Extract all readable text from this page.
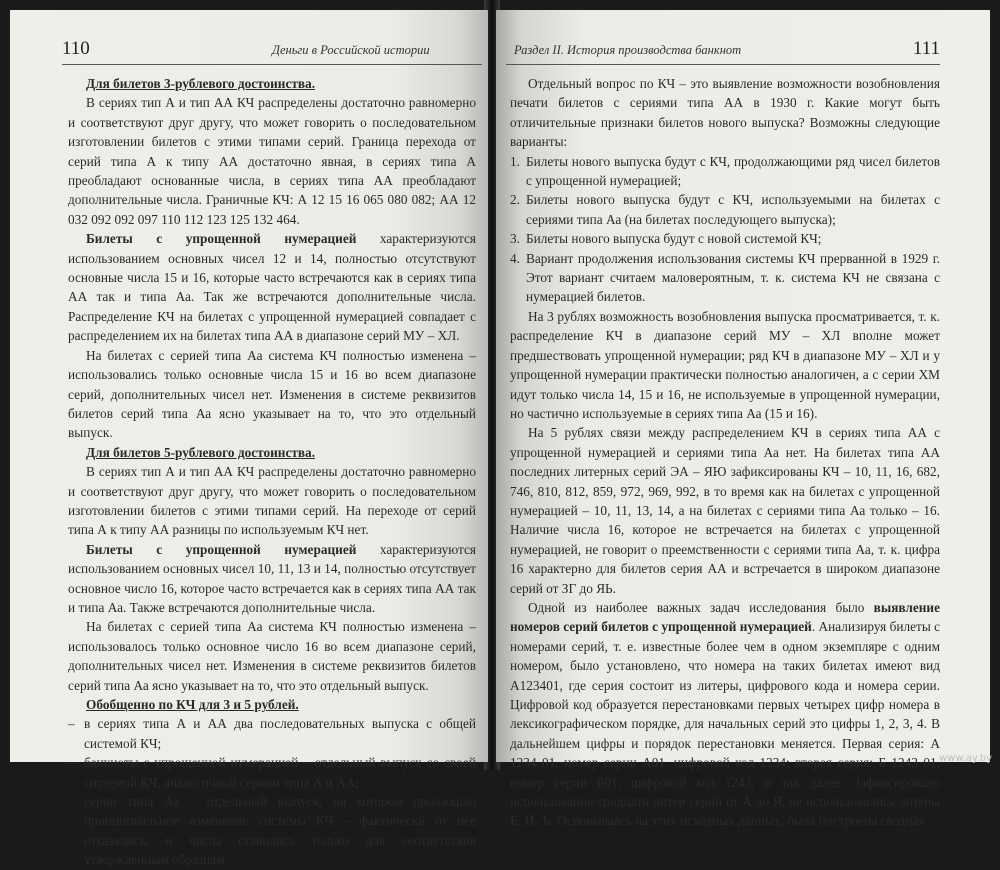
110	Деньги в Российской истории

Для билетов 3-рублевого достоинства.

В сериях тип А и тип АА КЧ распределены достаточно равномерно и соответствуют друг другу, что может говорить о последовательном изготовлении билетов с этими типами серий. Граница перехода от серий типа А к типу АА достаточно явная, в сериях типа А преобладают основанные числа, в сериях типа АА преобладают дополнительные числа. Граничные КЧ: А 12 15 16 065 080 082; АА 12 032 092 092 097 110 112 123 125 132 464.

Билеты с упрощенной нумерацией характеризуются использованием основных чисел 12 и 14, полностью отсутствуют основные числа 15 и 16, которые часто встречаются как в сериях типа АА так и типа Аа. Так же встречаются дополнительные числа. Распределение КЧ на билетах с упрощенной нумерацией совпадает с распределением их на билетах типа АА в диапазоне серий МУ – ХЛ.

На билетах с серией типа Аа система КЧ полностью изменена – использовались только основные числа 15 и 16 во всем диапазоне серий, дополнительных чисел нет. Изменения в системе реквизитов билетов серий типа Аа ясно указывает на то, что это отдельный выпуск.

Для билетов 5-рублевого достоинства.

В сериях тип А и тип АА КЧ распределены достаточно равномерно и соответствуют друг другу, что может говорить о последовательном изготовлении билетов с этими типами серий. На переходе от серий типа А к типу АА разницы по используемым КЧ нет.

Билеты с упрощенной нумерацией характеризуются использованием основных чисел 10, 11, 13 и 14, полностью отсутствует основное число 16, которое часто встречается как в сериях типа АА так и типа Аа. Также встречаются дополнительные числа.

На билетах с серией типа Аа система КЧ полностью изменена – использовалось только основное число 16 во всем диапазоне серий, дополнительных чисел нет. Изменения в системе реквизитов билетов серий типа Аа ясно указывает на то, что это отдельный выпуск.

Обобщенно по КЧ для 3 и 5 рублей.

– в сериях типа А и АА два последовательных выпуска с общей системой КЧ;

– банкноты с упрощенной нумерацией – отдельный выпуск со своей системой КЧ, аналогичной сериям типа А и АА;

– серии типа Аа – отдельный выпуск, на котором произошло принципиальное изменение системы КЧ – фактически от нее отказались, и числа ставились только для соответствия утвержденным образцам.

Раздел II. История производства банкнот	111

Отдельный вопрос по КЧ – это выявление возможности возобновления печати билетов с сериями типа АА в 1930 г. Какие могут быть отличительные признаки билетов нового выпуска? Возможны следующие варианты:

1. Билеты нового выпуска будут с КЧ, продолжающими ряд чисел билетов с упрощенной нумерацией;

2. Билеты нового выпуска будут с КЧ, используемыми на билетах с сериями типа Аа (на билетах последующего выпуска);

3. Билеты нового выпуска будут с новой системой КЧ;

4. Вариант продолжения использования системы КЧ прерванной в 1929 г. Этот вариант считаем маловероятным, т. к. система КЧ не связана с нумерацией билетов.

На 3 рублях возможность возобновления выпуска просматривается, т. к. распределение КЧ в диапазоне серий МУ – ХЛ вполне может предшествовать упрощенной нумерации; ряд КЧ в диапазоне МУ – ХЛ и у упрощенной нумерации практически полностью аналогичен, а с серии ХМ идут только числа 14, 15 и 16, не используемые в упрощенной нумерации, но частично используемые в сериях типа Аа (15 и 16).

На 5 рублях связи между распределением КЧ в сериях типа АА с упрощенной нумерацией и сериями типа Аа нет. На билетах типа АА последних литерных серий ЭА – ЯЮ зафиксированы КЧ – 10, 11, 16, 682, 746, 810, 812, 859, 972, 969, 992, в то время как на билетах с упрощенной нумерацией – 10, 11, 13, 14, а на билетах с сериями типа Аа только – 16. Наличие числа 16, которое не встречается на билетах с упрощенной нумерацией, не говорит о преемственности с сериями типа Аа, т. к. цифра 16 характерно для билетов серия АА и встречается в широком диапазоне серий от ЗГ до ЯЬ.

Одной из наиболее важных задач исследования было выявление номеров серий билетов с упрощенной нумерацией. Анализируя билеты с номерами серий, т. е. известные более чем в одном экземпляре с одним номером, было установлено, что номера на таких билетах имеют вид А123401, где серия состоит из литеры, цифрового кода и номера серии. Цифровой код образуется перестановками первых четырех цифр номера в лексикографическом порядке, для начальных серий это цифры 1, 2, 3, 4. В дальнейшем цифры и порядок перестановки меняется. Первая серия: А 1234 01, номер серии А01, цифровой код 1234; вторая серия: Б 1243 01, номер серии Б01, цифровой код 1243; и так далее. Зафиксировано использование тридцати литер серий от А до Я, не использовались литеры Ё, Й, Ъ. Основываясь на этих исходных данных, была построена сводная

www.ay.by
